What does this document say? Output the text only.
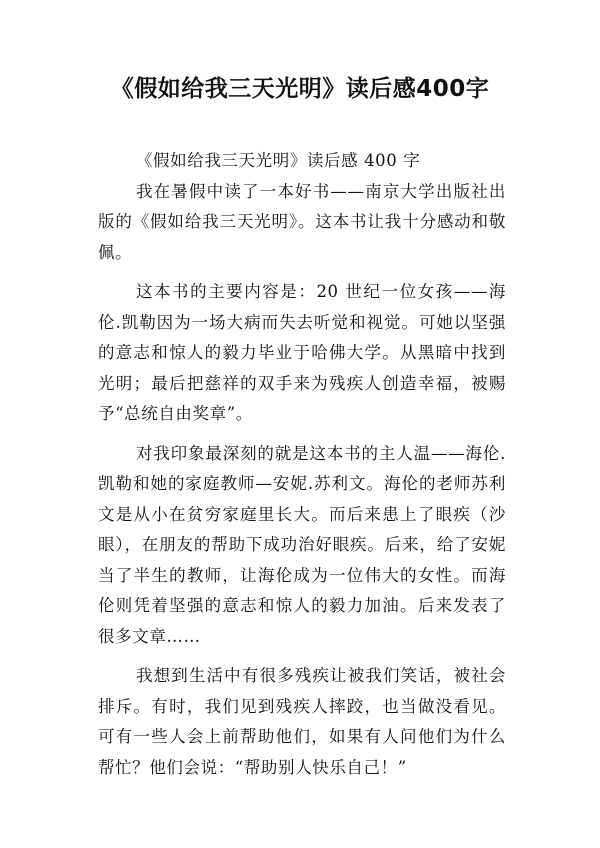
《假如给我三天光明》读后感400字

《假如给我三天光明》读后感 400 字

我在暑假中读了一本好书——南京大学出版社出版的《假如给我三天光明》。这本书让我十分感动和敬佩。

这本书的主要内容是：20 世纪一位女孩——海伦.凯勒因为一场大病而失去听觉和视觉。可她以坚强的意志和惊人的毅力毕业于哈佛大学。从黑暗中找到光明；最后把慈祥的双手来为残疾人创造幸福，被赐予“总统自由奖章”。

对我印象最深刻的就是这本书的主人温——海伦.凯勒和她的家庭教师—安妮.苏利文。海伦的老师苏利文是从小在贫穷家庭里长大。而后来患上了眼疾（沙眼），在朋友的帮助下成功治好眼疾。后来，给了安妮当了半生的教师，让海伦成为一位伟大的女性。而海伦则凭着坚强的意志和惊人的毅力加油。后来发表了很多文章……

我想到生活中有很多残疾让被我们笑话，被社会排斥。有时，我们见到残疾人摔跤，也当做没看见。可有一些人会上前帮助他们，如果有人问他们为什么帮忙？他们会说：“帮助别人快乐自己！”
